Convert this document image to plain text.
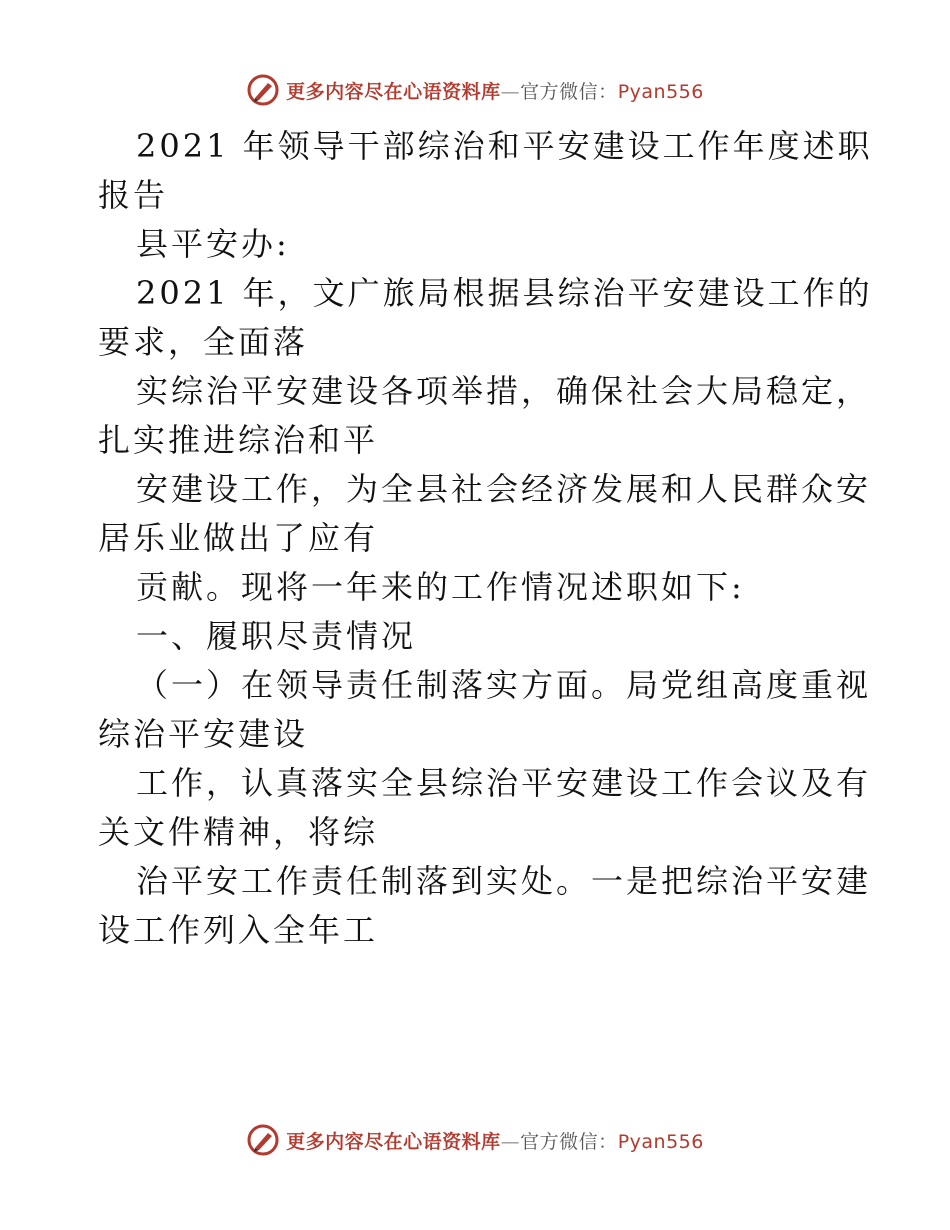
更多内容尽在心语资料库—官方微信：Pyan556
2021 年领导干部综治和平安建设工作年度述职
报告
县平安办:
2021 年，文广旅局根据县综治平安建设工作的
要求，全面落
实综治平安建设各项举措，确保社会大局稳定，
扎实推进综治和平
安建设工作，为全县社会经济发展和人民群众安
居乐业做出了应有
贡献。现将一年来的工作情况述职如下:
一、履职尽责情况
（一）在领导责任制落实方面。局党组高度重视
综治平安建设
工作，认真落实全县综治平安建设工作会议及有
关文件精神，将综
治平安工作责任制落到实处。一是把综治平安建
设工作列入全年工
更多内容尽在心语资料库—官方微信：Pyan556
